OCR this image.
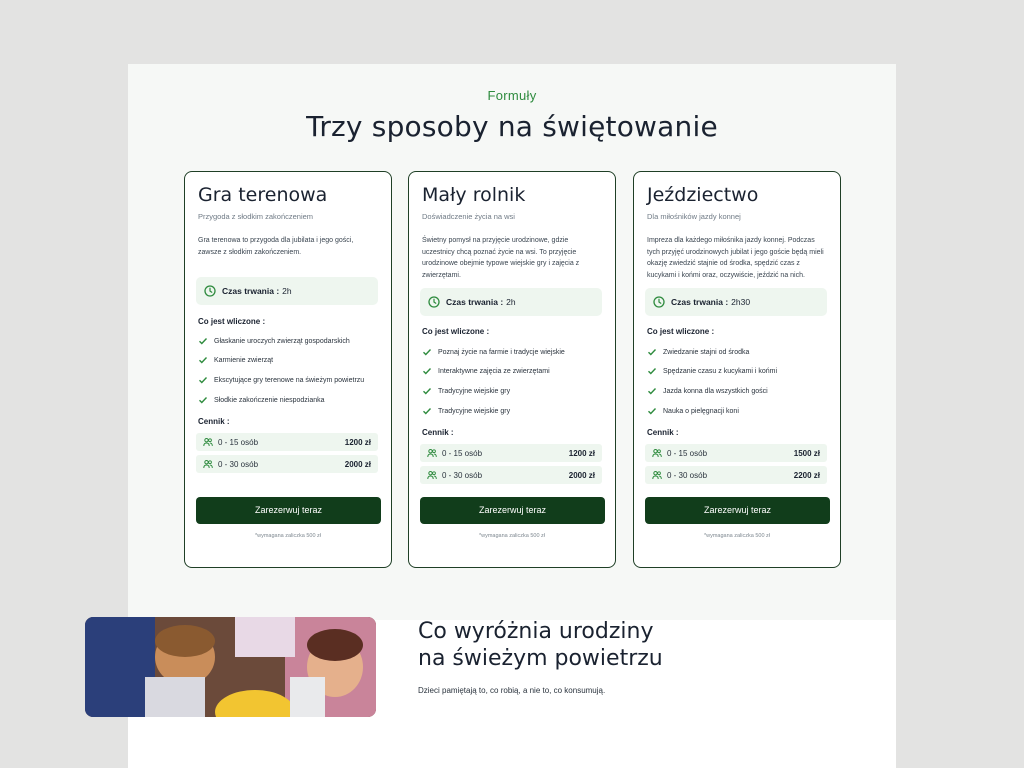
Formuły
Trzy sposoby na świętowanie
Gra terenowa
Przygoda z słodkim zakończeniem
Gra terenowa to przygoda dla jubilata i jego gości, zawsze z słodkim zakończeniem.
Czas trwania : 2h
Co jest wliczone :
Głaskanie uroczych zwierząt gospodarskich
Karmienie zwierząt
Ekscytujące gry terenowe na świeżym powietrzu
Słodkie zakończenie niespodzianka
Cennik :
0 - 15 osób	1200 zł
0 - 30 osób	2000 zł
Zarezerwuj teraz
*wymagana zaliczka 500 zł
Mały rolnik
Doświadczenie życia na wsi
Świetny pomysł na przyjęcie urodzinowe, gdzie uczestnicy chcą poznać życie na wsi. To przyjęcie urodzinowe obejmie typowe wiejskie gry i zajęcia z zwierzętami.
Czas trwania : 2h
Co jest wliczone :
Poznaj życie na farmie i tradycje wiejskie
Interaktywne zajęcia ze zwierzętami
Tradycyjne wiejskie gry
Tradycyjne wiejskie gry
Cennik :
0 - 15 osób	1200 zł
0 - 30 osób	2000 zł
Zarezerwuj teraz
*wymagana zaliczka 500 zł
Jeździectwo
Dla miłośników jazdy konnej
Impreza dla każdego miłośnika jazdy konnej. Podczas tych przyjęć urodzinowych jubilat i jego goście będą mieli okazję zwiedzić stajnie od środka, spędzić czas z kucykami i końmi oraz, oczywiście, jeździć na nich.
Czas trwania : 2h30
Co jest wliczone :
Zwiedzanie stajni od środka
Spędzanie czasu z kucykami i końmi
Jazda konna dla wszystkich gości
Nauka o pielęgnacji koni
Cennik :
0 - 15 osób	1500 zł
0 - 30 osób	2200 zł
Zarezerwuj teraz
*wymagana zaliczka 500 zł
Co wyróżnia urodziny
na świeżym powietrzu
Dzieci pamiętają to, co robią, a nie to, co konsumują.
